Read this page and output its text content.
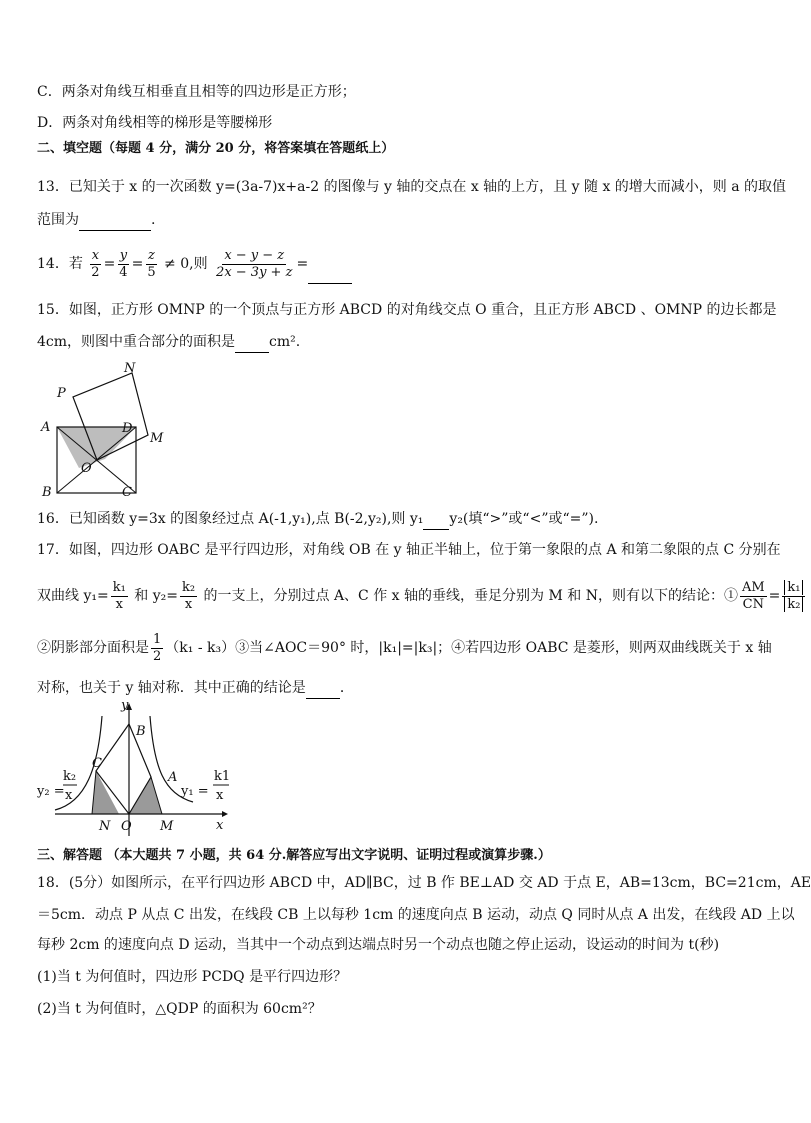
C．两条对角线互相垂直且相等的四边形是正方形；
D．两条对角线相等的梯形是等腰梯形
二、填空题（每题 4 分，满分 20 分，将答案填在答题纸上）
13．已知关于 x 的一次函数 y=(3a-7)x+a-2 的图像与 y 轴的交点在 x 轴的上方，且 y 随 x 的增大而减小，则 a 的取值
范围为	.
14．若 $\frac{x}{2} = \frac{y}{4} = \frac{z}{5} \ne 0$,则 $\frac{x - y - z}{2x - 3y + z}$ =
15．如图，正方形 OMNP 的一个顶点与正方形 ABCD 的对角线交点 O 重合，且正方形 ABCD 、OMNP 的边长都是
4cm，则图中重合部分的面积是 cm².
P
N
A	D
M
O
B	C
16．已知函数 y=3x 的图象经过点 A(-1,y₁),点 B(-2,y₂),则 y₁ y₂(填“>”或“<”或“=”).
17．如图，四边形 OABC 是平行四边形，对角线 OB 在 y 轴正半轴上，位于第一象限的点 A 和第二象限的点 C 分别在
双曲线 $y_1= \frac{\text{k₁}}{x}$ 和 $y_2= \frac{\text{k₂}}{x}$ 的一支上，分别过点 A、C 作 x 轴的垂线，垂足分别为 M 和 N，则有以下的结论：① $\frac{AM}{CN} = \frac{\text{k₁}}{\text{k₂}}$
②阴影部分面积是 $\frac{1}{2} (k_1$ - k₃）③当∠AOC＝90° 时，|k₁|=|k₃|；④若四边形 OABC 是菱形，则两双曲线既关于 x 轴
对称，也关于 y 轴对称．其中正确的结论是 ．
y
B
C
A
N O M	x
y₂ =
k₂
x	y₁ =
k1
x
三、解答题 （本大题共 7 小题，共 64 分.解答应写出文字说明、证明过程或演算步骤.）
18．(5分）如图所示，在平行四边形 ABCD 中，AD∥BC，过 B 作 BE⊥AD 交 AD 于点 E，AB=13cm，BC=21cm，AE
＝5cm．动点 P 从点 C 出发，在线段 CB 上以每秒 1cm 的速度向点 B 运动，动点 Q 同时从点 A 出发，在线段 AD 上以
每秒 2cm 的速度向点 D 运动，当其中一个动点到达端点时另一个动点也随之停止运动，设运动的时间为 t(秒)
(1)当 t 为何值时，四边形 PCDQ 是平行四边形？
(2)当 t 为何值时，△QDP 的面积为 60cm²？
